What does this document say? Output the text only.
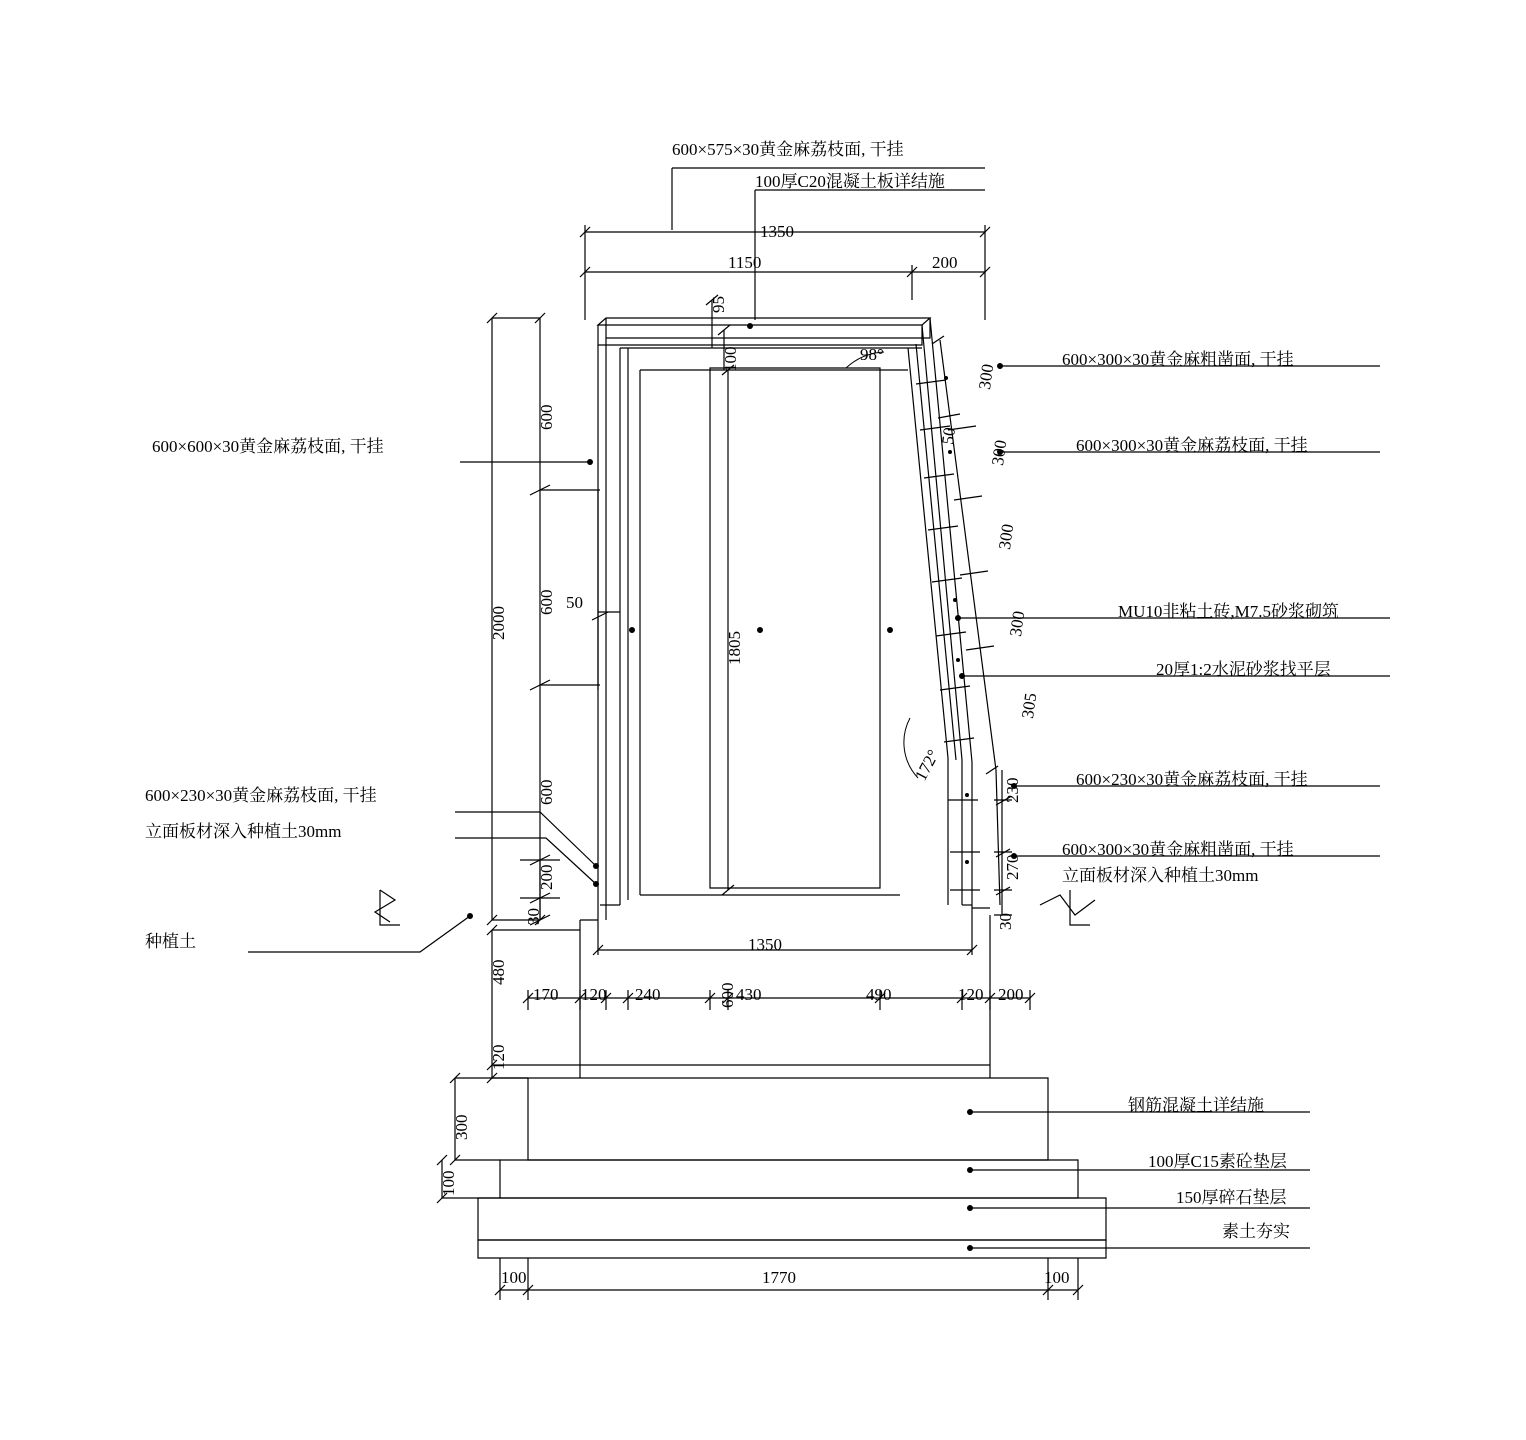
600×575×30黄金麻荔枝面, 干挂
100厚C20混凝土板详结施
1350
1150	200
2000
600
600
600
50
200
30
480
120
1805
95
100	98°
172°
300
300
300
300
305
50
230
270
30
1350
170 120 240	600 430	490	120 200
300
100
100	1770	100
600×600×30黄金麻荔枝面, 干挂
600×230×30黄金麻荔枝面, 干挂
立面板材深入种植土30mm
种植土
600×300×30黄金麻粗凿面, 干挂
600×300×30黄金麻荔枝面, 干挂
MU10非粘土砖,M7.5砂浆砌筑
20厚1:2水泥砂浆找平层
600×230×30黄金麻荔枝面, 干挂
600×300×30黄金麻粗凿面, 干挂
立面板材深入种植土30mm
钢筋混凝土详结施
100厚C15素砼垫层
150厚碎石垫层
素土夯实
